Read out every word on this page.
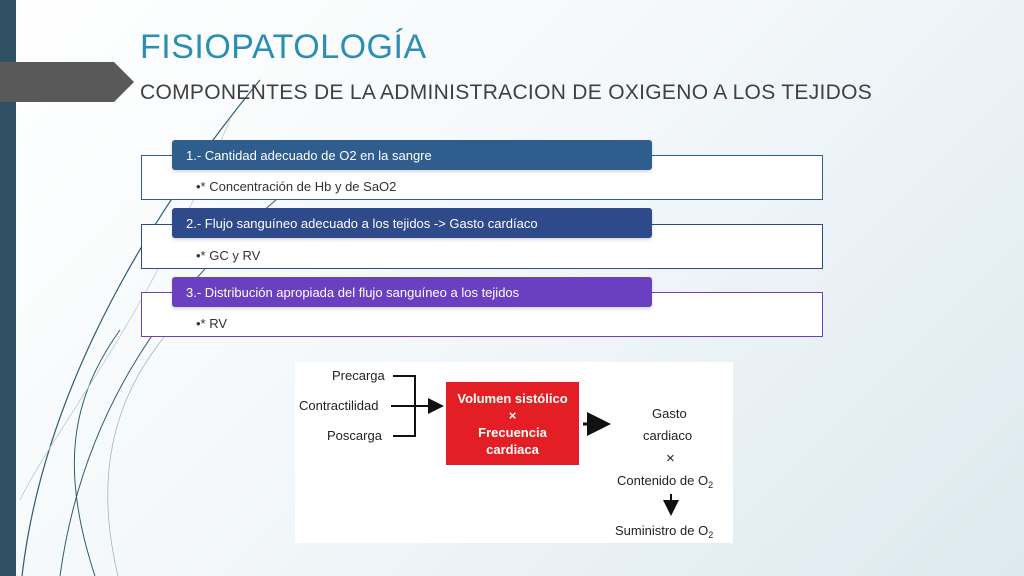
FISIOPATOLOGÍA
COMPONENTES DE LA ADMINISTRACION DE OXIGENO A LOS TEJIDOS
•* Concentración de Hb y de SaO2
1.- Cantidad adecuado de O2 en la sangre
•* GC y RV
2.- Flujo sanguíneo adecuado a los tejidos -> Gasto cardíaco
•* RV
3.- Distribución apropiada del flujo sanguíneo a los tejidos
Precarga
Contractilidad
Poscarga
Volumen sistólico
×
Frecuencia
cardiaca
Gasto
cardiaco
×
Contenido de $O_2$
Suministro de $O_2$
